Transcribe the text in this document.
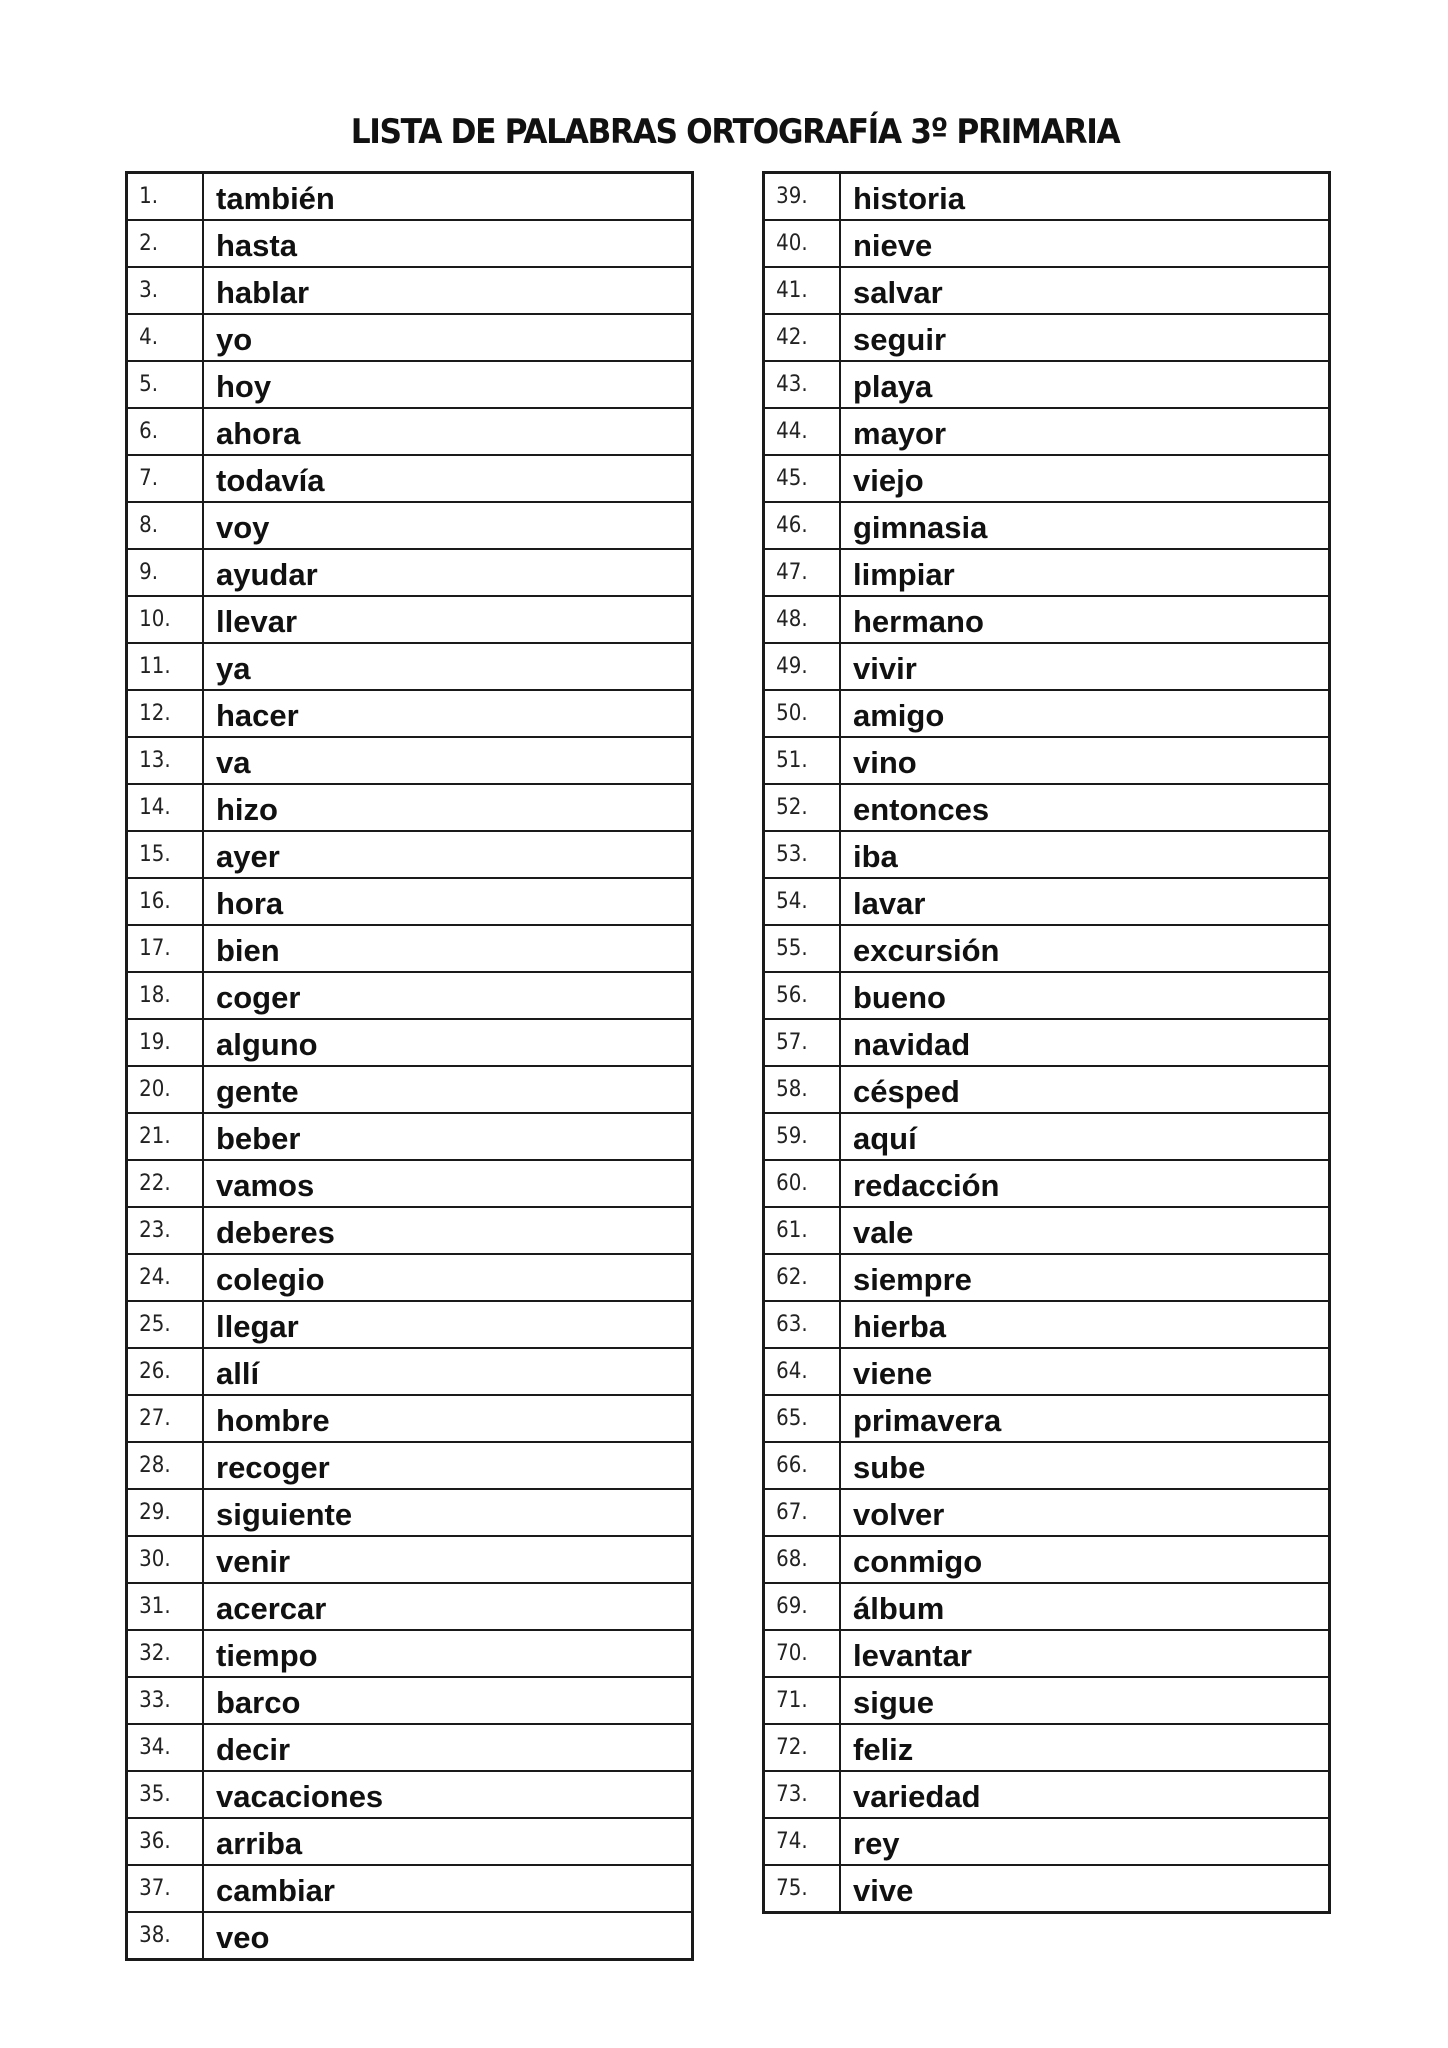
LISTA DE PALABRAS ORTOGRAFÍA 3º PRIMARIA
1.	también
2.	hasta
3.	hablar
4.	yo
5.	hoy
6.	ahora
7.	todavía
8.	voy
9.	ayudar
10.	llevar
11.	ya
12.	hacer
13.	va
14.	hizo
15.	ayer
16.	hora
17.	bien
18.	coger
19.	alguno
20.	gente
21.	beber
22.	vamos
23.	deberes
24.	colegio
25.	llegar
26.	allí
27.	hombre
28.	recoger
29.	siguiente
30.	venir
31.	acercar
32.	tiempo
33.	barco
34.	decir
35.	vacaciones
36.	arriba
37.	cambiar
38.	veo
39.	historia
40.	nieve
41.	salvar
42.	seguir
43.	playa
44.	mayor
45.	viejo
46.	gimnasia
47.	limpiar
48.	hermano
49.	vivir
50.	amigo
51.	vino
52.	entonces
53.	iba
54.	lavar
55.	excursión
56.	bueno
57.	navidad
58.	césped
59.	aquí
60.	redacción
61.	vale
62.	siempre
63.	hierba
64.	viene
65.	primavera
66.	sube
67.	volver
68.	conmigo
69.	álbum
70.	levantar
71.	sigue
72.	feliz
73.	variedad
74.	rey
75.	vive
